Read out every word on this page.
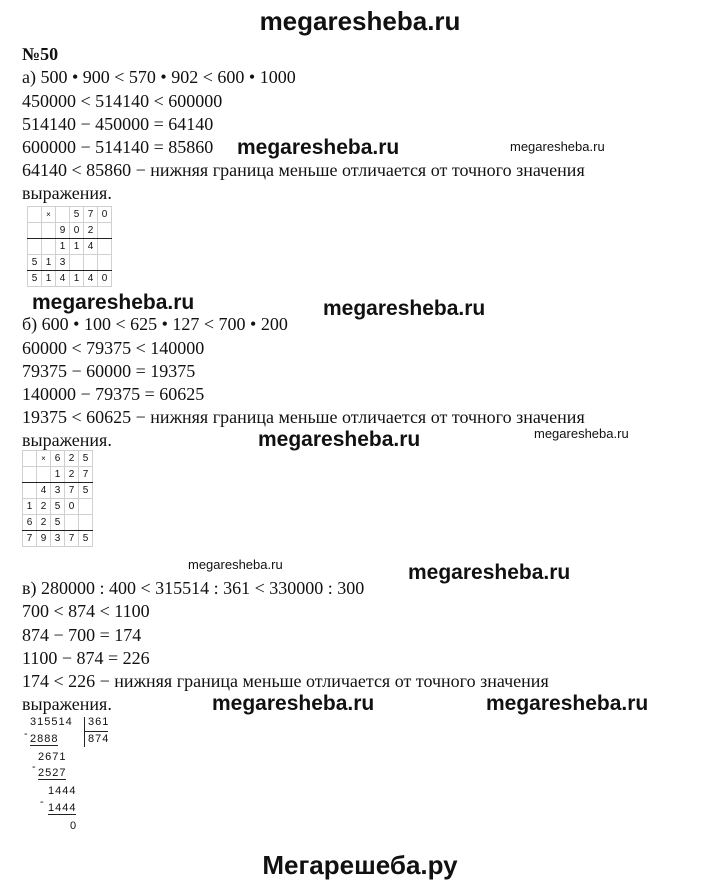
megaresheba.ru
№50
а) 500 • 900 < 570 • 902 < 600 • 1000
450000 < 514140 < 600000
514140 − 450000 = 64140
600000 − 514140 = 85860
64140 < 85860 − нижняя граница меньше отличается от точного значения
выражения.
megaresheba.ru	megaresheba.ru
	×		5	7	0
		9	0	2	
		1	1	4	
5	1	3			
5	1	4	1	4	0
megaresheba.ru	megaresheba.ru
б) 600 • 100 < 625 • 127 < 700 • 200
60000 < 79375 < 140000
79375 − 60000 = 19375
140000 − 79375 = 60625
19375 < 60625 − нижняя граница меньше отличается от точного значения
выражения.	megaresheba.ru	megaresheba.ru
	×	6	2	5
		1	2	7
	4	3	7	5
1	2	5	0	
6	2	5		
7	9	3	7	5
megaresheba.ru	megaresheba.ru
в) 280000 : 400 < 315514 : 361 < 330000 : 300
700 < 874 < 1100
874 − 700 = 174
1100 − 874 = 226
174 < 226 − нижняя граница меньше отличается от точного значения
выражения.	megaresheba.ru	megaresheba.ru
315514 361
874
- 2888
2671
- 2527
1444
- 1444
0
Мегарешеба.ру
